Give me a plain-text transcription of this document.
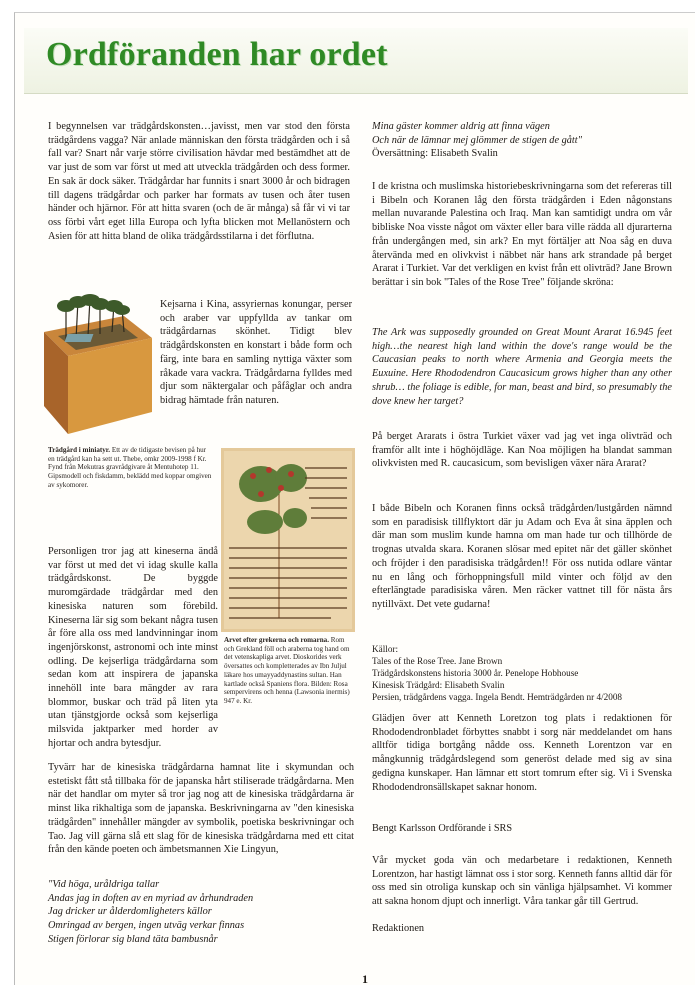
Ordföranden har ordet

I begynnelsen var trädgårdskonsten…javisst, men var stod den första trädgårdens vagga? När anlade människan den första trädgården och i så fall var? Snart når varje större civilisation hävdar med bestämdhet att de var just de som var först ut med att utveckla trädgården och dess former. En sak är dock säker. Trädgårdar har funnits i snart 3000 år och bidragen till dagens trädgårdar och parker har formats av tusen och åter tusen händer och hjärnor. För att hitta svaren (och de är många) så får vi vi tar oss förbi vårt eget lilla Europa och lyfta blicken mot Mellanöstern och Asien för att hitta bland de olika trädgårdsstilarna i det förflutna.

Kejsarna i Kina, assyriernas konungar, perser och araber var uppfyllda av tankar om trädgårdarnas skönhet. Tidigt blev trädgårdskonsten en konstart i både form och färg, inte bara en samling nyttiga växter som råkade vara vackra. Trädgårdarna fylldes med djur som näktergalar och påfåglar och andra bidrag hämtade från naturen.

Trädgård i miniatyr. Ett av de tidigaste bevisen på hur en trädgård kan ha sett ut. Thebe, omkr 2009-1998 f Kr. Fynd från Mekutras gravrådgivare åt Mentuhotep 11. Gipsmodell och fiskdamm, beklädd med koppar omgiven av sykomorer.

Personligen tror jag att kineserna ändå var först ut med det vi idag skulle kalla trädgårdskonst. De byggde muromgärdade trädgårdar med den kinesiska naturen som förebild. Kineserna lär sig som bekant några tusen år före alla oss med landvinningar inom ingenjörskonst, astronomi och inte minst odling. De kejserliga trädgårdarna som sedan kom att inspirera de japanska innehöll inte bara mängder av rara blommor, buskar och träd på liten yta utan tjänstgjorde också som kejserliga milsvida jaktparker med horder av hjortar och andra bytesdjur.

Arvet efter grekerna och romarna. Rom och Grekland föll och araberna tog hand om det vetenskapliga arvet. Dioskorides verk översattes och kompletterades av Ibn Juljul läkare hos umayyaddynastins sultan. Han kartlade också Spaniens flora. Bilden: Rosa sempervirens och henna (Lawsonia inermis) 947 e. Kr.

Tyvärr har de kinesiska trädgårdarna hamnat lite i skymundan och estetiskt fått stå tillbaka för de japanska hårt stiliserade trädgårdarna. Men när det handlar om myter så tror jag nog att de kinesiska trädgårdarna är minst lika rikhaltiga som de japanska. Beskrivningarna av "den kinesiska trädgården" innehåller mängder av symbolik, poetiska beskrivningar och Tao. Jag vill gärna slå ett slag för de kinesiska trädgårdarna med ett citat från den kände poeten och ämbetsmannen Xie Lingyun,

"Vid höga, uråldriga tallar
Andas jag in doften av en myriad av århundraden
Jag dricker ur ålderdomligheters källor
Omringad av bergen, ingen utväg verkar finnas
Stigen förlorar sig bland täta bambusnår
Mina gäster kommer aldrig att finna vägen
Och när de lämnar mej glömmer de stigen de gått"
Översättning: Elisabeth Svalin

I de kristna och muslimska historiebeskrivningarna som det refereras till i Bibeln och Koranen låg den första trädgården i Eden någonstans mellan nuvarande Palestina och Iraq. Man kan samtidigt undra om vår bibliske Noa visste något om växter eller bara ville rädda all djurarterna från undergången med, sin ark? En myt förtäljer att Noa såg en duva återvända med en olivkvist i näbbet när hans ark strandade på berget Ararat i Turkiet. Var det verkligen en kvist från ett olivträd? Jane Brown berättar i sin bok "Tales of the Rose Tree" följande skröna:

The Ark was supposedly grounded on Great Mount Ararat 16.945 feet high…the nearest high land within the dove's range would be the Caucasian peaks to north where Armenia and Georgia meets the Euxuine. Here Rhododendron Caucasicum grows higher than any other shrub… the foliage is edible, for man, beast and bird, so presumably the dove knew her target?

På berget Ararats i östra Turkiet växer vad jag vet inga olivträd och framför allt inte i höghöjdläge. Kan Noa möjligen ha blandat samman olivkvisten med R. caucasicum, som bevisligen växer nära Ararat?

I både Bibeln och Koranen finns också trädgården/lustgården nämnd som en paradisisk tillflyktort där ju Adam och Eva åt sina äpplen och där man som muslim kunde hamna om man hade tur och tillhörde de trognas utvalda skara. Koranen slösar med epitet när det gäller skönhet och fröjder i den paradisiska trädgården!! För oss nutida odlare väntar nu en lång och förhoppningsfull mild vinter och följd av den efterlängtade paradisiska våren. Men räcker vattnet till för nästa års nytillväxt. Det vete gudarna!

Källor:
Tales of the Rose Tree. Jane Brown
Trädgårdskonstens historia 3000 år. Penelope Hobhouse
Kinesisk Trädgård: Elisabeth Svalin
Persien, trädgårdens vagga. Ingela Bendt. Hemträdgården nr 4/2008

Glädjen över att Kenneth Loretzon tog plats i redaktionen för Rhododendronbladet förbyttes snabbt i sorg när meddelandet om hans alltför tidiga bortgång nådde oss. Kenneth Lorentzon var en mångkunnig trädgårdslegend som generöst delade med sig av sina gedigna kunskaper. Han lämnar ett stort tomrum efter sig. Vi i Svenska Rhododendronsällskapet saknar honom.

Bengt Karlsson Ordförande i SRS

Vår mycket goda vän och medarbetare i redaktionen, Kenneth Lorentzon, har hastigt lämnat oss i stor sorg. Kenneth fanns alltid där för oss med sin otroliga kunskap och sin vänliga hjälpsamhet. Vi kommer att sakna honom djupt och innerligt. Våra tankar går till Gertrud.

Redaktionen

1
